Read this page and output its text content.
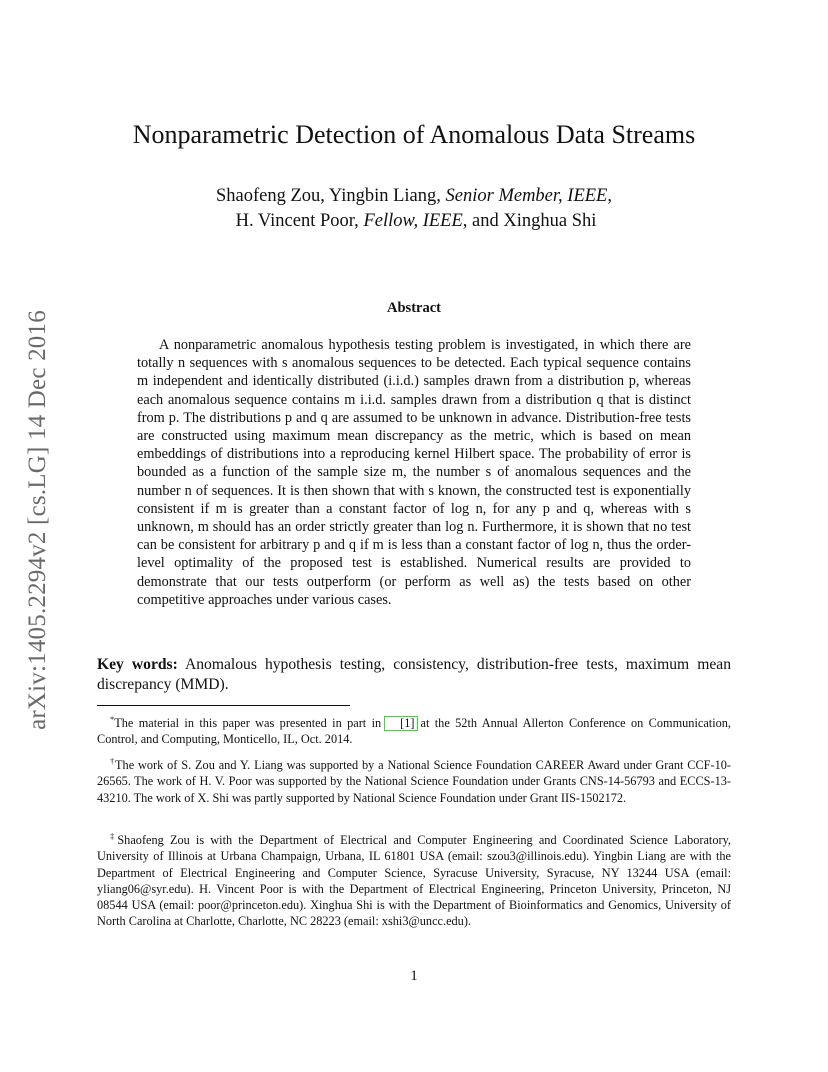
arXiv:1405.2294v2 [cs.LG] 14 Dec 2016
Nonparametric Detection of Anomalous Data Streams
Shaofeng Zou, Yingbin Liang, Senior Member, IEEE,
H. Vincent Poor, Fellow, IEEE, and Xinghua Shi
Abstract
A nonparametric anomalous hypothesis testing problem is investigated, in which there are totally n sequences with s anomalous sequences to be detected. Each typical sequence contains m independent and identically distributed (i.i.d.) samples drawn from a distribution p, whereas each anomalous sequence contains m i.i.d. samples drawn from a distribution q that is distinct from p. The distributions p and q are assumed to be unknown in advance. Distribution-free tests are constructed using maximum mean discrepancy as the metric, which is based on mean embeddings of distributions into a reproducing kernel Hilbert space. The probability of error is bounded as a function of the sample size m, the number s of anomalous sequences and the number n of sequences. It is then shown that with s known, the constructed test is exponentially consistent if m is greater than a constant factor of log n, for any p and q, whereas with s unknown, m should has an order strictly greater than log n. Furthermore, it is shown that no test can be consistent for arbitrary p and q if m is less than a constant factor of log n, thus the order-level optimality of the proposed test is established. Numerical results are provided to demonstrate that our tests outperform (or perform as well as) the tests based on other competitive approaches under various cases.
Key words: Anomalous hypothesis testing, consistency, distribution-free tests, maximum mean discrepancy (MMD).
*The material in this paper was presented in part in [1] at the 52th Annual Allerton Conference on Communication, Control, and Computing, Monticello, IL, Oct. 2014.
†The work of S. Zou and Y. Liang was supported by a National Science Foundation CAREER Award under Grant CCF-10-26565. The work of H. V. Poor was supported by the National Science Foundation under Grants CNS-14-56793 and ECCS-13-43210. The work of X. Shi was partly supported by National Science Foundation under Grant IIS-1502172.
‡Shaofeng Zou is with the Department of Electrical and Computer Engineering and Coordinated Science Laboratory, University of Illinois at Urbana Champaign, Urbana, IL 61801 USA (email: szou3@illinois.edu). Yingbin Liang are with the Department of Electrical Engineering and Computer Science, Syracuse University, Syracuse, NY 13244 USA (email: yliang06@syr.edu). H. Vincent Poor is with the Department of Electrical Engineering, Princeton University, Princeton, NJ 08544 USA (email: poor@princeton.edu). Xinghua Shi is with the Department of Bioinformatics and Genomics, University of North Carolina at Charlotte, Charlotte, NC 28223 (email: xshi3@uncc.edu).
1
